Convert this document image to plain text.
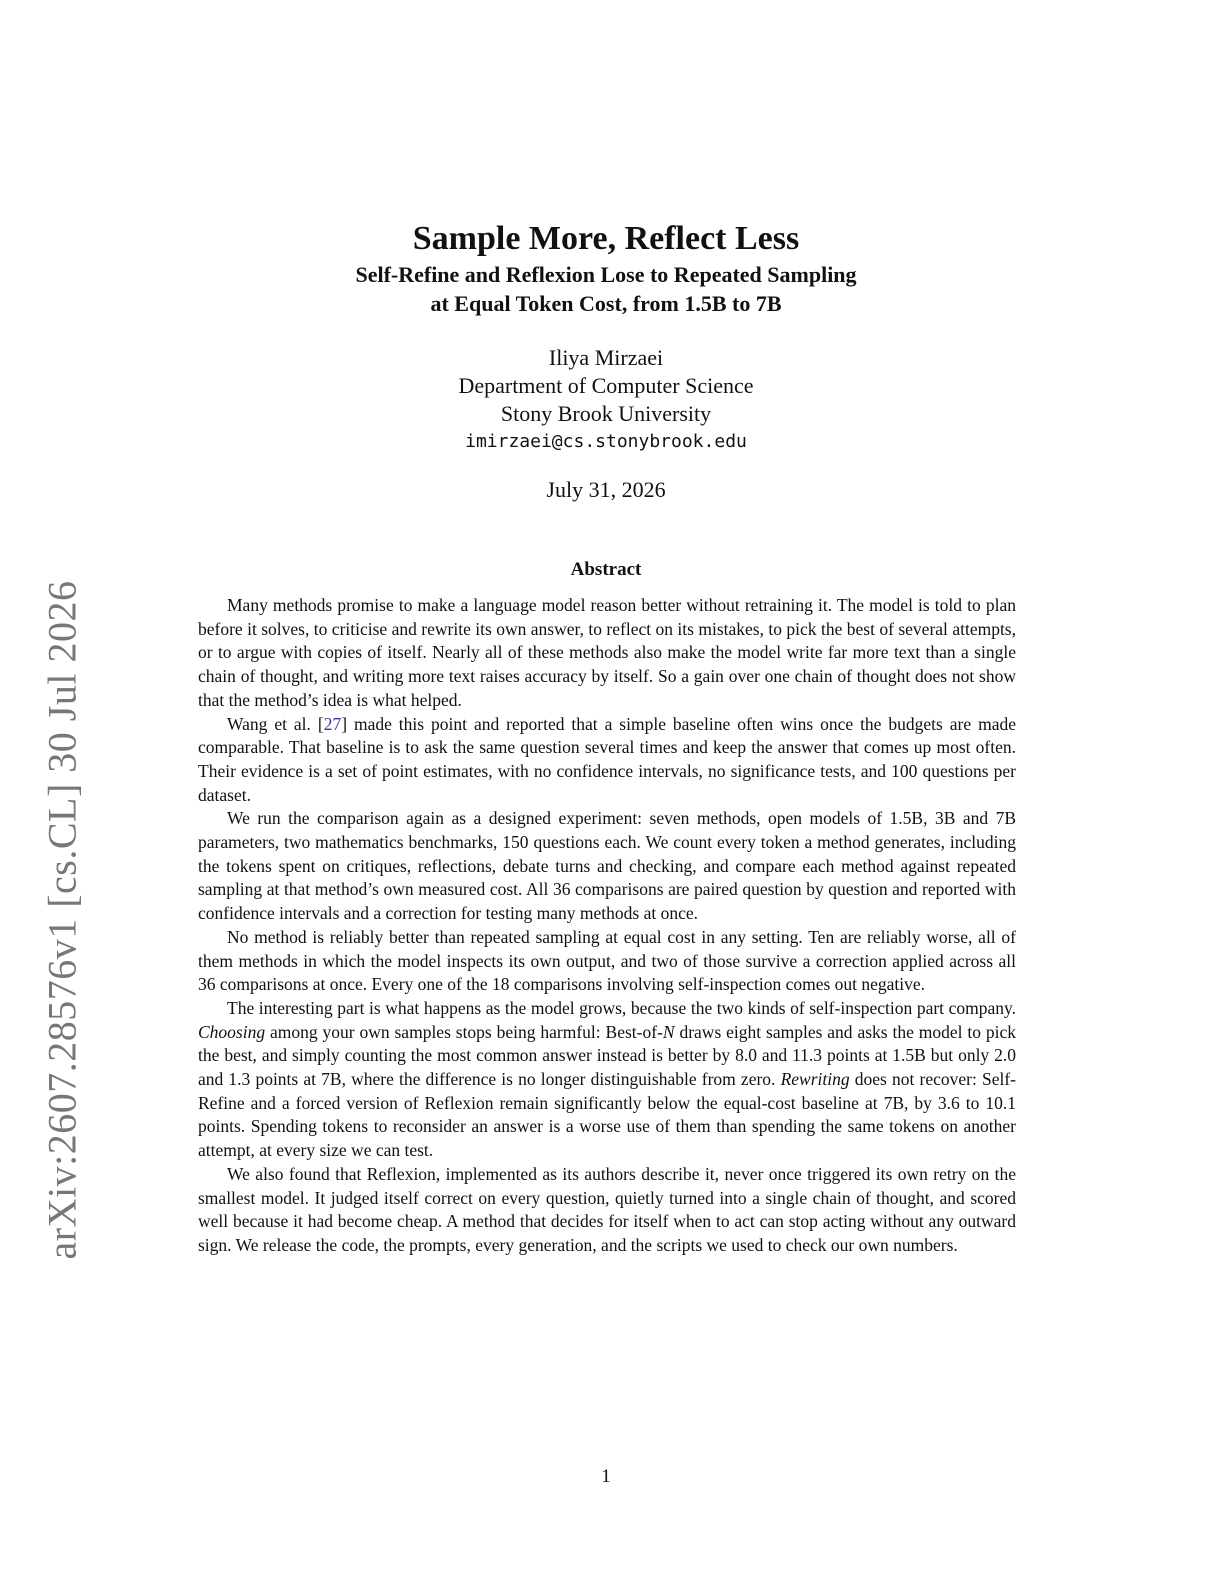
arXiv:2607.28576v1 [cs.CL] 30 Jul 2026
Sample More, Reflect Less
Self-Refine and Reflexion Lose to Repeated Sampling
at Equal Token Cost, from 1.5B to 7B
Iliya Mirzaei
Department of Computer Science
Stony Brook University
imirzaei@cs.stonybrook.edu
July 31, 2026
Abstract

Many methods promise to make a language model reason better without retraining it. The model is told to plan before it solves, to criticise and rewrite its own answer, to reflect on its mistakes, to pick the best of several attempts, or to argue with copies of itself. Nearly all of these methods also make the model write far more text than a single chain of thought, and writing more text raises accuracy by itself. So a gain over one chain of thought does not show that the method’s idea is what helped.

Wang et al. [27] made this point and reported that a simple baseline often wins once the budgets are made comparable. That baseline is to ask the same question several times and keep the answer that comes up most often. Their evidence is a set of point estimates, with no confidence intervals, no significance tests, and 100 questions per dataset.

We run the comparison again as a designed experiment: seven methods, open models of 1.5B, 3B and 7B parameters, two mathematics benchmarks, 150 questions each. We count every token a method generates, including the tokens spent on critiques, reflections, debate turns and checking, and compare each method against repeated sampling at that method’s own measured cost. All 36 comparisons are paired question by question and reported with confidence intervals and a correction for testing many methods at once.

No method is reliably better than repeated sampling at equal cost in any setting. Ten are reliably worse, all of them methods in which the model inspects its own output, and two of those survive a correction applied across all 36 comparisons at once. Every one of the 18 comparisons involving self-inspection comes out negative.

The interesting part is what happens as the model grows, because the two kinds of self-inspection part company. Choosing among your own samples stops being harmful: Best-of-N draws eight samples and asks the model to pick the best, and simply counting the most common answer instead is better by 8.0 and 11.3 points at 1.5B but only 2.0 and 1.3 points at 7B, where the difference is no longer distinguishable from zero. Rewriting does not recover: Self-Refine and a forced version of Reflexion remain significantly below the equal-cost baseline at 7B, by 3.6 to 10.1 points. Spending tokens to reconsider an answer is a worse use of them than spending the same tokens on another attempt, at every size we can test.

We also found that Reflexion, implemented as its authors describe it, never once triggered its own retry on the smallest model. It judged itself correct on every question, quietly turned into a single chain of thought, and scored well because it had become cheap. A method that decides for itself when to act can stop acting without any outward sign. We release the code, the prompts, every generation, and the scripts we used to check our own numbers.

1
